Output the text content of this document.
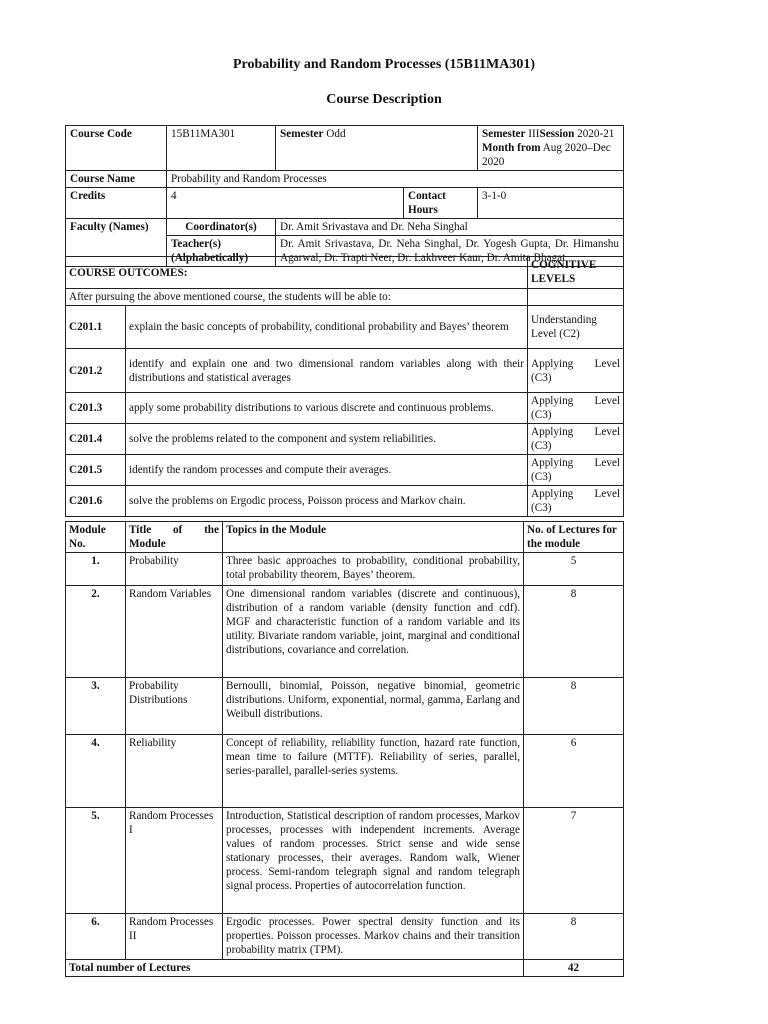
Probability and Random Processes (15B11MA301)
Course Description
Course Code	15B11MA301	Semester Odd		Semester IIISession 2020-21
Month from Aug 2020–Dec 2020
Course Name	Probability and Random Processes			
Credits	4		Contact Hours	3-1-0
Faculty (Names)	Coordinator(s)	Dr. Amit Srivastava and Dr. Neha Singhal		
	Teacher(s) (Alphabetically)	Dr. Amit Srivastava, Dr. Neha Singhal, Dr. Yogesh Gupta, Dr. Himanshu Agarwal, Dr. Trapti Neer, Dr. Lakhveer Kaur, Dr. Amita Bhagat		
COURSE OUTCOMES:		COGNITIVE LEVELS
After pursuing the above mentioned course, the students will be able to:		
C201.1	explain the basic concepts of probability, conditional probability and Bayes’ theorem	Understanding Level (C2)
C201.2	identify and explain one and two dimensional random variables along with their distributions and statistical averages	Applying Level (C3)
C201.3	apply some probability distributions to various discrete and continuous problems.	Applying Level (C3)
C201.4	solve the problems related to the component and system reliabilities.	Applying Level (C3)
C201.5	identify the random processes and compute their averages.	Applying Level (C3)
C201.6	solve the problems on Ergodic process, Poisson process and Markov chain.	Applying Level (C3)
Module No.	Title of the Module	Topics in the Module	No. of Lectures for the module
1.	Probability	Three basic approaches to probability, conditional probability, total probability theorem, Bayes’ theorem.	5
2.	Random Variables	One dimensional random variables (discrete and continuous), distribution of a random variable (density function and cdf). MGF and characteristic function of a random variable and its utility. Bivariate random variable, joint, marginal and conditional distributions, covariance and correlation.	8
3.	Probability Distributions	Bernoulli, binomial, Poisson, negative binomial, geometric distributions. Uniform, exponential, normal, gamma, Earlang and Weibull distributions.	8
4.	Reliability	Concept of reliability, reliability function, hazard rate function, mean time to failure (MTTF). Reliability of series, parallel, series-parallel, parallel-series systems.	6
5.	Random Processes I	Introduction, Statistical description of random processes, Markov processes, processes with independent increments. Average values of random processes. Strict sense and wide sense stationary processes, their averages. Random walk, Wiener process. Semi-random telegraph signal and random telegraph signal process. Properties of autocorrelation function.	7
6.	Random Processes II	Ergodic processes. Power spectral density function and its properties. Poisson processes. Markov chains and their transition probability matrix (TPM).	8
Total number of Lectures			42
